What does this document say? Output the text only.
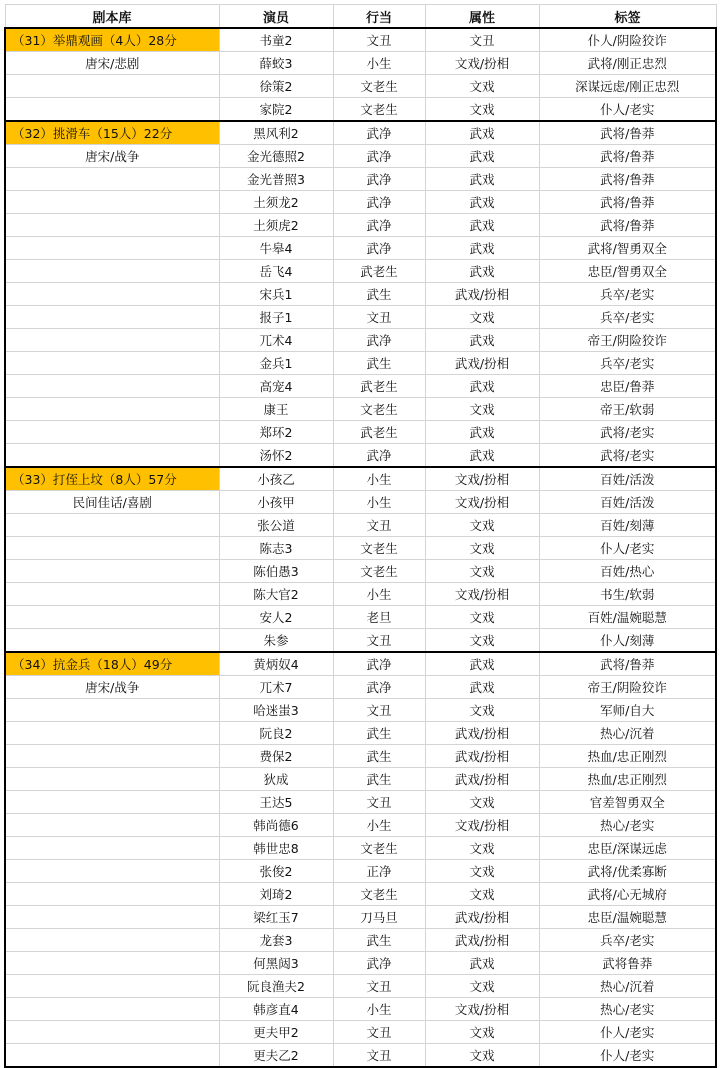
剧本库	演员	行当	属性	标签
（31）举鼎观画（4人）28分	书童2	文丑	文丑	仆人/阴险狡诈
唐宋/悲剧	薛蛟3	小生	文戏/扮相	武将/刚正忠烈
	徐策2	文老生	文戏	深谋远虑/刚正忠烈
	家院2	文老生	文戏	仆人/老实
（32）挑滑车（15人）22分	黑风利2	武净	武戏	武将/鲁莽
唐宋/战争	金光德照2	武净	武戏	武将/鲁莽
	金光普照3	武净	武戏	武将/鲁莽
	土须龙2	武净	武戏	武将/鲁莽
	土须虎2	武净	武戏	武将/鲁莽
	牛皋4	武净	武戏	武将/智勇双全
	岳飞4	武老生	武戏	忠臣/智勇双全
	宋兵1	武生	武戏/扮相	兵卒/老实
	报子1	文丑	文戏	兵卒/老实
	兀术4	武净	武戏	帝王/阴险狡诈
	金兵1	武生	武戏/扮相	兵卒/老实
	高宠4	武老生	武戏	忠臣/鲁莽
	康王	文老生	文戏	帝王/软弱
	郑环2	武老生	武戏	武将/老实
	汤怀2	武净	武戏	武将/老实
（33）打侄上坟（8人）57分	小孩乙	小生	文戏/扮相	百姓/活泼
民间佳话/喜剧	小孩甲	小生	文戏/扮相	百姓/活泼
	张公道	文丑	文戏	百姓/刻薄
	陈志3	文老生	文戏	仆人/老实
	陈伯愚3	文老生	文戏	百姓/热心
	陈大官2	小生	文戏/扮相	书生/软弱
	安人2	老旦	文戏	百姓/温婉聪慧
	朱参	文丑	文戏	仆人/刻薄
（34）抗金兵（18人）49分	黄炳奴4	武净	武戏	武将/鲁莽
唐宋/战争	兀术7	武净	武戏	帝王/阴险狡诈
	哈迷蚩3	文丑	文戏	军师/自大
	阮良2	武生	武戏/扮相	热心/沉着
	费保2	武生	武戏/扮相	热血/忠正刚烈
	狄成	武生	武戏/扮相	热血/忠正刚烈
	王达5	文丑	文戏	官差智勇双全
	韩尚德6	小生	文戏/扮相	热心/老实
	韩世忠8	文老生	文戏	忠臣/深谋远虑
	张俊2	正净	文戏	武将/优柔寡断
	刘琦2	文老生	文戏	武将/心无城府
	梁红玉7	刀马旦	武戏/扮相	忠臣/温婉聪慧
	龙套3	武生	武戏/扮相	兵卒/老实
	何黑闼3	武净	武戏	武将鲁莽
	阮良渔夫2	文丑	文戏	热心/沉着
	韩彦直4	小生	文戏/扮相	热心/老实
	更夫甲2	文丑	文戏	仆人/老实
	更夫乙2	文丑	文戏	仆人/老实
